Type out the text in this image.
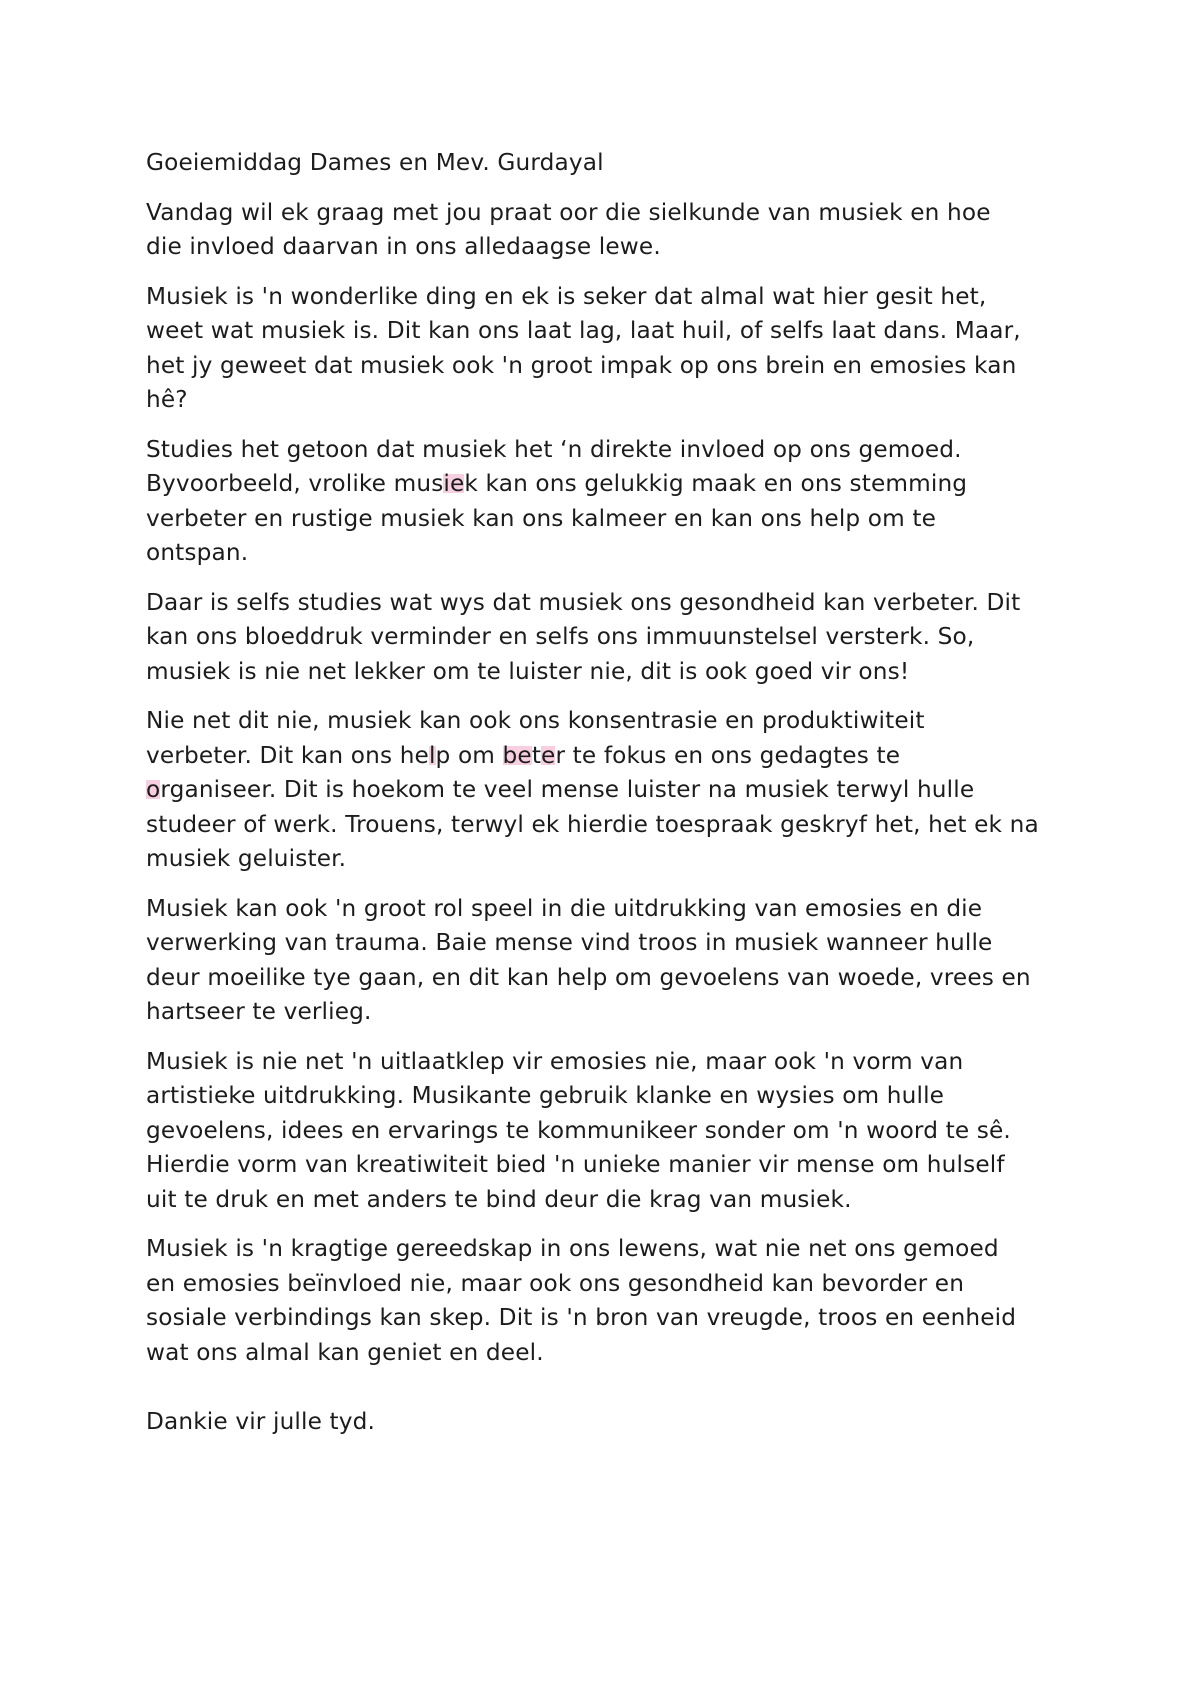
Goeiemiddag Dames en Mev. Gurdayal

Vandag wil ek graag met jou praat oor die sielkunde van musiek en hoe
die invloed daarvan in ons alledaagse lewe.

Musiek is 'n wonderlike ding en ek is seker dat almal wat hier gesit het,
weet wat musiek is. Dit kan ons laat lag, laat huil, of selfs laat dans. Maar,
het jy geweet dat musiek ook 'n groot impak op ons brein en emosies kan
hê?

Studies het getoon dat musiek het ‘n direkte invloed op ons gemoed.
Byvoorbeeld, vrolike musiek kan ons gelukkig maak en ons stemming
verbeter en rustige musiek kan ons kalmeer en kan ons help om te
ontspan.

Daar is selfs studies wat wys dat musiek ons gesondheid kan verbeter. Dit
kan ons bloeddruk verminder en selfs ons immuunstelsel versterk. So,
musiek is nie net lekker om te luister nie, dit is ook goed vir ons!

Nie net dit nie, musiek kan ook ons konsentrasie en produktiwiteit
verbeter. Dit kan ons help om beter te fokus en ons gedagtes te
organiseer. Dit is hoekom te veel mense luister na musiek terwyl hulle
studeer of werk. Trouens, terwyl ek hierdie toespraak geskryf het, het ek na
musiek geluister.

Musiek kan ook 'n groot rol speel in die uitdrukking van emosies en die
verwerking van trauma. Baie mense vind troos in musiek wanneer hulle
deur moeilike tye gaan, en dit kan help om gevoelens van woede, vrees en
hartseer te verlieg.

Musiek is nie net 'n uitlaatklep vir emosies nie, maar ook 'n vorm van
artistieke uitdrukking. Musikante gebruik klanke en wysies om hulle
gevoelens, idees en ervarings te kommunikeer sonder om 'n woord te sê.
Hierdie vorm van kreatiwiteit bied 'n unieke manier vir mense om hulself
uit te druk en met anders te bind deur die krag van musiek.

Musiek is 'n kragtige gereedskap in ons lewens, wat nie net ons gemoed
en emosies beïnvloed nie, maar ook ons gesondheid kan bevorder en
sosiale verbindings kan skep. Dit is 'n bron van vreugde, troos en eenheid
wat ons almal kan geniet en deel.

Dankie vir julle tyd.
